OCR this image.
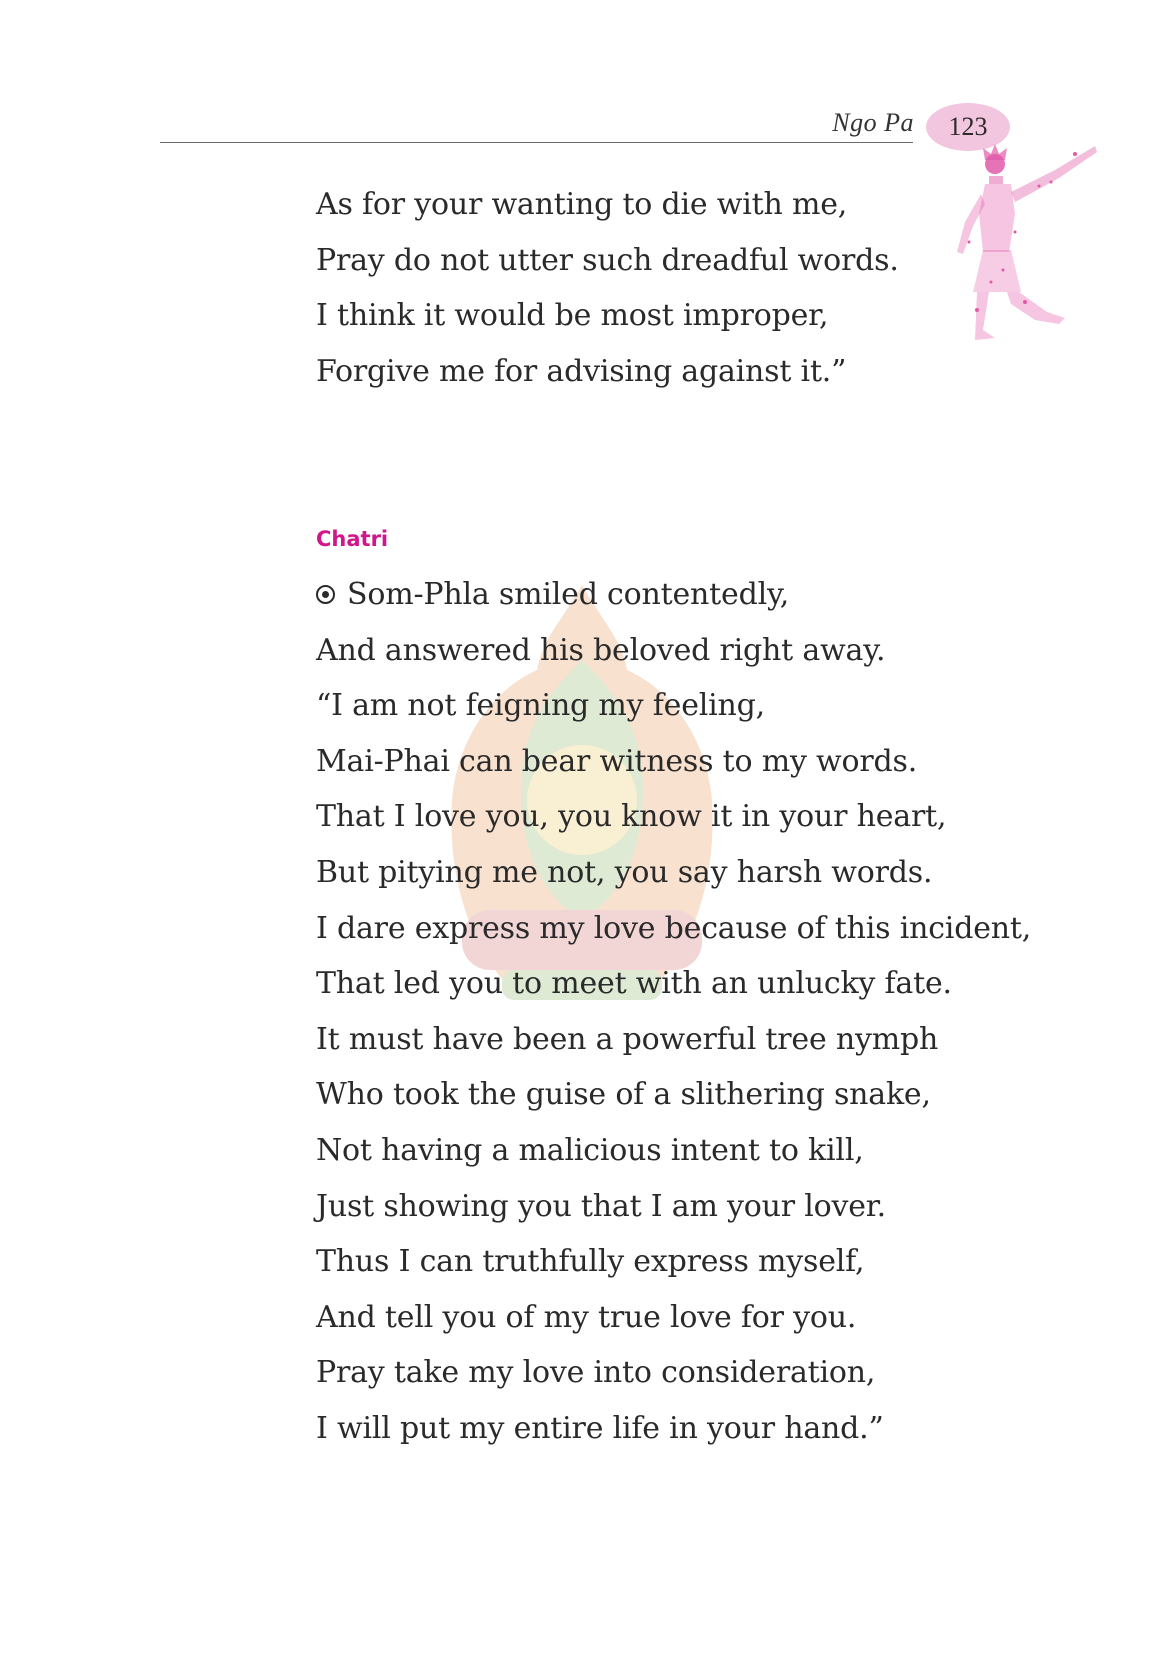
Ngo Pa 123
As for your wanting to die with me,
Pray do not utter such dreadful words.
I think it would be most improper,
Forgive me for advising against it.”
Chatri
Som-Phla smiled contentedly,
And answered his beloved right away.
“I am not feigning my feeling,
Mai-Phai can bear witness to my words.
That I love you, you know it in your heart,
But pitying me not, you say harsh words.
I dare express my love because of this incident,
That led you to meet with an unlucky fate.
It must have been a powerful tree nymph
Who took the guise of a slithering snake,
Not having a malicious intent to kill,
Just showing you that I am your lover.
Thus I can truthfully express myself,
And tell you of my true love for you.
Pray take my love into consideration,
I will put my entire life in your hand.”
